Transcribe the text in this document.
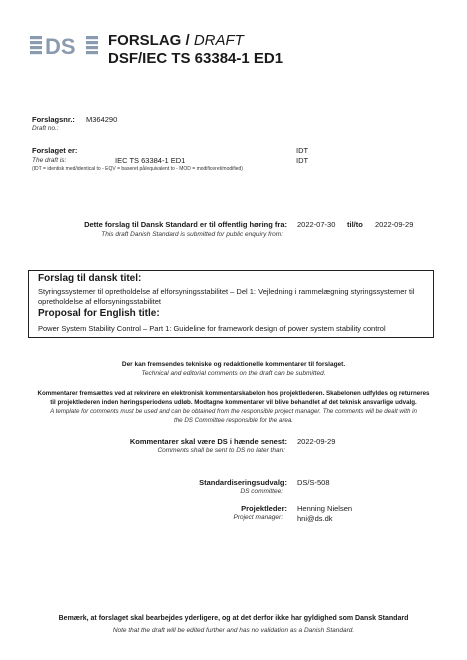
DS FORSLAG / DRAFT
DSF/IEC TS 63384-1 ED1
Forslagsnr.: M364290
Draft no.:
Forslaget er:	IDT
The draft is:	IEC TS 63384-1 ED1	IDT
(IDT = identisk med/identical to - EQV = baseret på/equivalent to - MOD = modificeret/modified)
Dette forslag til Dansk Standard er til offentlig høring fra: 2022-07-30 til/to 2022-09-29
This draft Danish Standard is submitted for public enquiry from:
Forslag til dansk titel:
Styringssystemer til opretholdelse af elforsyningsstabilitet – Del 1: Vejledning i rammelægning styringssystemer til opretholdelse af elforsyningsstabilitet
Proposal for English title:
Power System Stability Control – Part 1: Guideline for framework design of power system stability control
Der kan fremsendes tekniske og redaktionelle kommentarer til forslaget.
Technical and editorial comments on the draft can be submitted.
Kommentarer fremsættes ved at rekvirere en elektronisk kommentarskabelon hos projektlederen. Skabelonen udfyldes og returneres
til projektlederen inden høringsperiodens udløb. Modtagne kommentarer vil blive behandlet af det teknisk ansvarlige udvalg.
A template for comments must be used and can be obtained from the responsible project manager. The comments will be dealt with in
the DS Committee responsible for the area.
Kommentarer skal være DS i hænde senest: 2022-09-29
Comments shall be sent to DS no later than:
Standardiseringsudvalg: DS/S-508
DS committee:
Projektleder: Henning Nielsen
Project manager: hni@ds.dk
Bemærk, at forslaget skal bearbejdes yderligere, og at det derfor ikke har gyldighed som Dansk Standard
Note that the draft will be edited further and has no validation as a Danish Standard.
